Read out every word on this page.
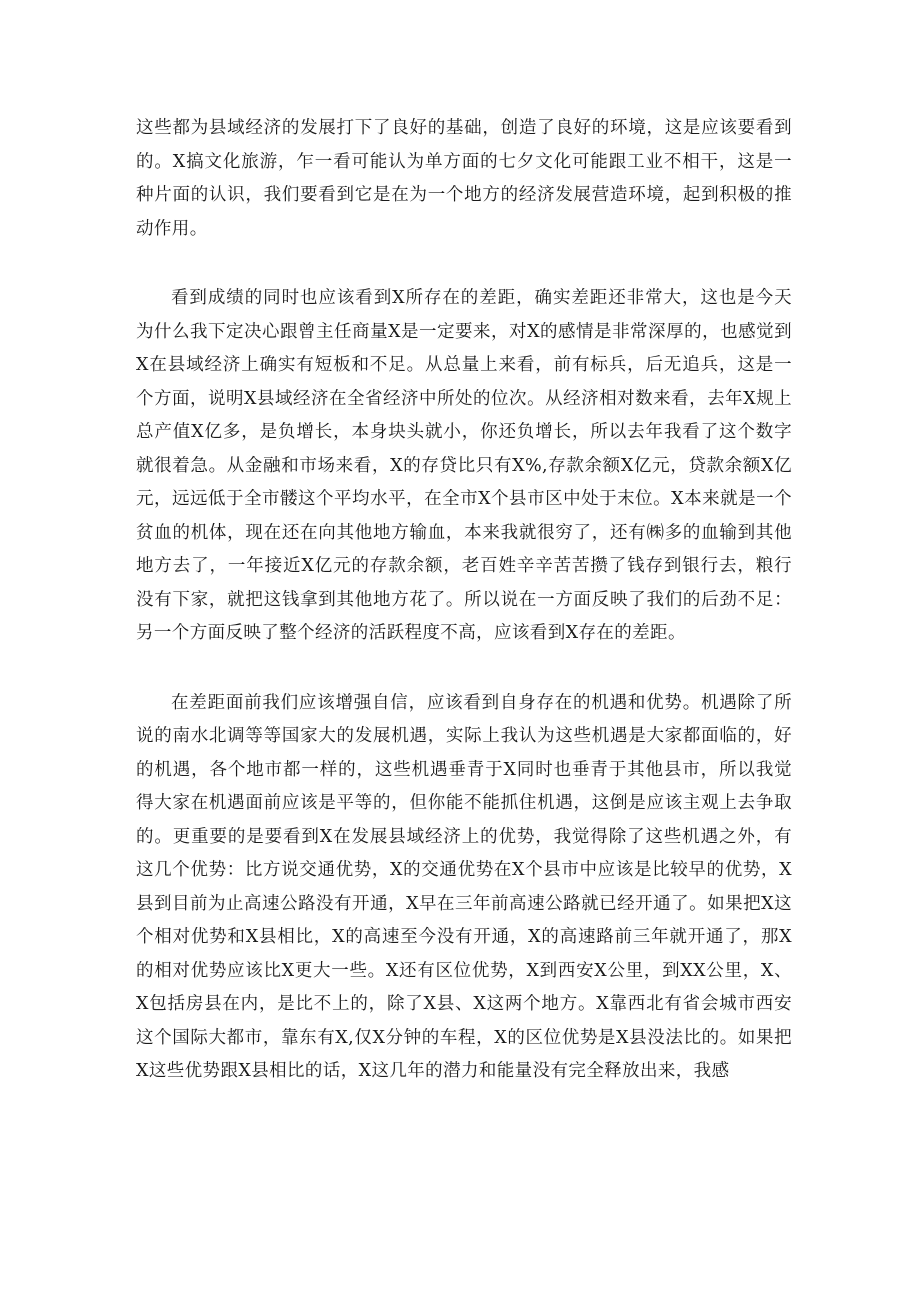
这些都为县域经济的发展打下了良好的基础，创造了良好的环境，这是应该要看到的。X搞文化旅游，乍一看可能认为单方面的七夕文化可能跟工业不相干，这是一种片面的认识，我们要看到它是在为一个地方的经济发展营造环境，起到积极的推动作用。

看到成绩的同时也应该看到X所存在的差距，确实差距还非常大，这也是今天为什么我下定决心跟曾主任商量X是一定要来，对X的感情是非常深厚的，也感觉到X在县域经济上确实有短板和不足。从总量上来看，前有标兵，后无追兵，这是一个方面，说明X县域经济在全省经济中所处的位次。从经济相对数来看，去年X规上总产值X亿多，是负增长，本身块头就小，你还负增长，所以去年我看了这个数字就很着急。从金融和市场来看，X的存贷比只有X%,存款余额X亿元，贷款余额X亿元，远远低于全市髅这个平均水平，在全市X个县市区中处于末位。X本来就是一个贫血的机体，现在还在向其他地方输血，本来我就很穷了，还有㈱多的血输到其他地方去了，一年接近X亿元的存款余额，老百姓辛辛苦苦攒了钱存到银行去，粮行没有下家，就把这钱拿到其他地方花了。所以说在一方面反映了我们的后劲不足：另一个方面反映了整个经济的活跃程度不高，应该看到X存在的差距。

在差距面前我们应该增强自信，应该看到自身存在的机遇和优势。机遇除了所说的南水北调等等国家大的发展机遇，实际上我认为这些机遇是大家都面临的，好的机遇，各个地市都一样的，这些机遇垂青于X同时也垂青于其他县市，所以我觉得大家在机遇面前应该是平等的，但你能不能抓住机遇，这倒是应该主观上去争取的。更重要的是要看到X在发展县域经济上的优势，我觉得除了这些机遇之外，有这几个优势：比方说交通优势，X的交通优势在X个县市中应该是比较早的优势，X县到目前为止高速公路没有开通，X早在三年前高速公路就已经开通了。如果把X这个相对优势和X县相比，X的高速至今没有开通，X的高速路前三年就开通了，那X的相对优势应该比X更大一些。X还有区位优势，X到西安X公里，到XX公里，X、X包括房县在内，是比不上的，除了X县、X这两个地方。X靠西北有省会城市西安这个国际大都市，靠东有X,仅X分钟的车程，X的区位优势是X县没法比的。如果把X这些优势跟X县相比的话，X这几年的潜力和能量没有完全释放出来，我感
